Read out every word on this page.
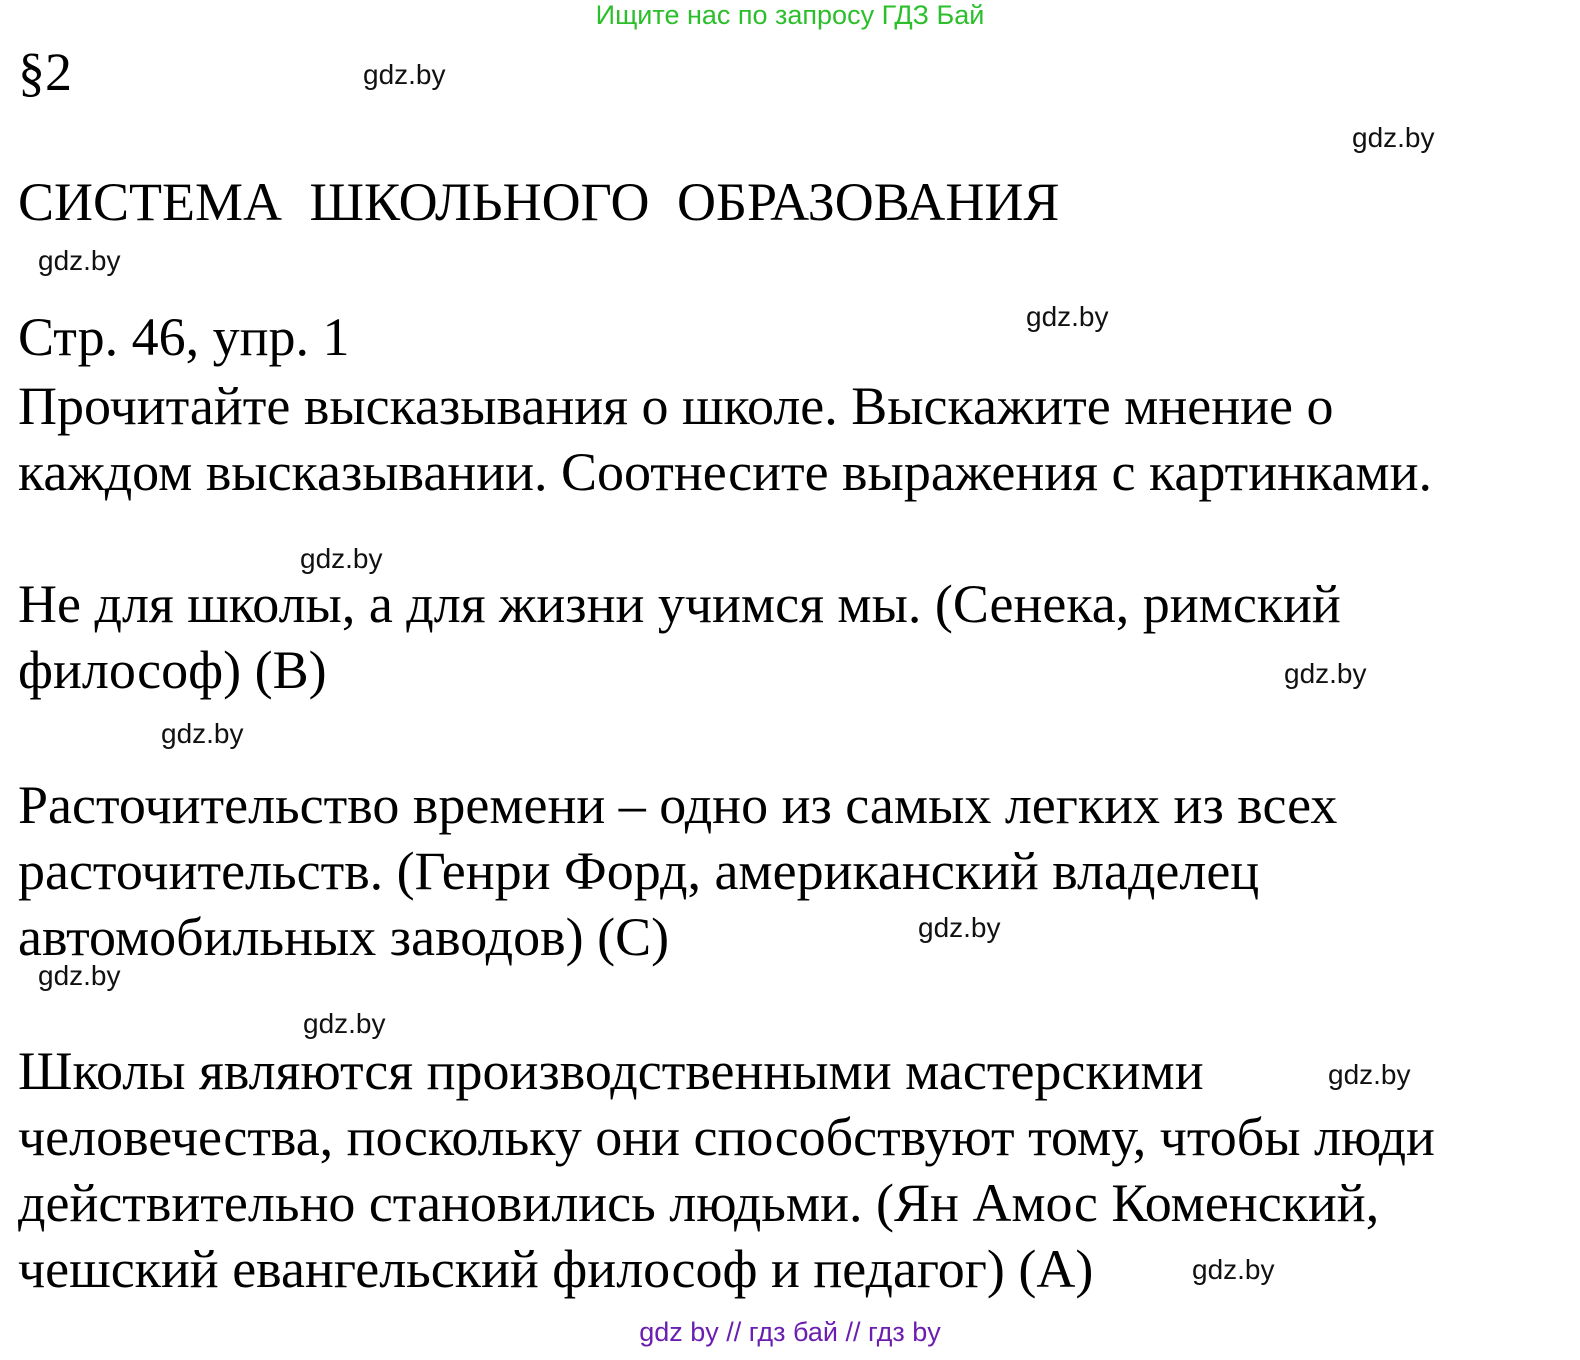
Ищите нас по запросу ГДЗ Бай
§2
СИСТЕМА ШКОЛЬНОГО ОБРАЗОВАНИЯ
Стр. 46, упр. 1
Прочитайте высказывания о школе. Выскажите мнение о
каждом высказывании. Соотнесите выражения с картинками.
Не для школы, а для жизни учимся мы. (Сенека, римский
философ) (В)
Расточительство времени – одно из самых легких из всех
расточительств. (Генри Форд, американский владелец
автомобильных заводов) (С)
Школы являются производственными мастерскими
человечества, поскольку они способствуют тому, чтобы люди
действительно становились людьми. (Ян Амос Коменский,
чешский евангельский философ и педагог) (А)
gdz.by
gdz.by
gdz.by
gdz.by
gdz.by
gdz.by
gdz.by
gdz.by
gdz.by
gdz.by
gdz.by
gdz.by
gdz by // гдз бай // гдз by
